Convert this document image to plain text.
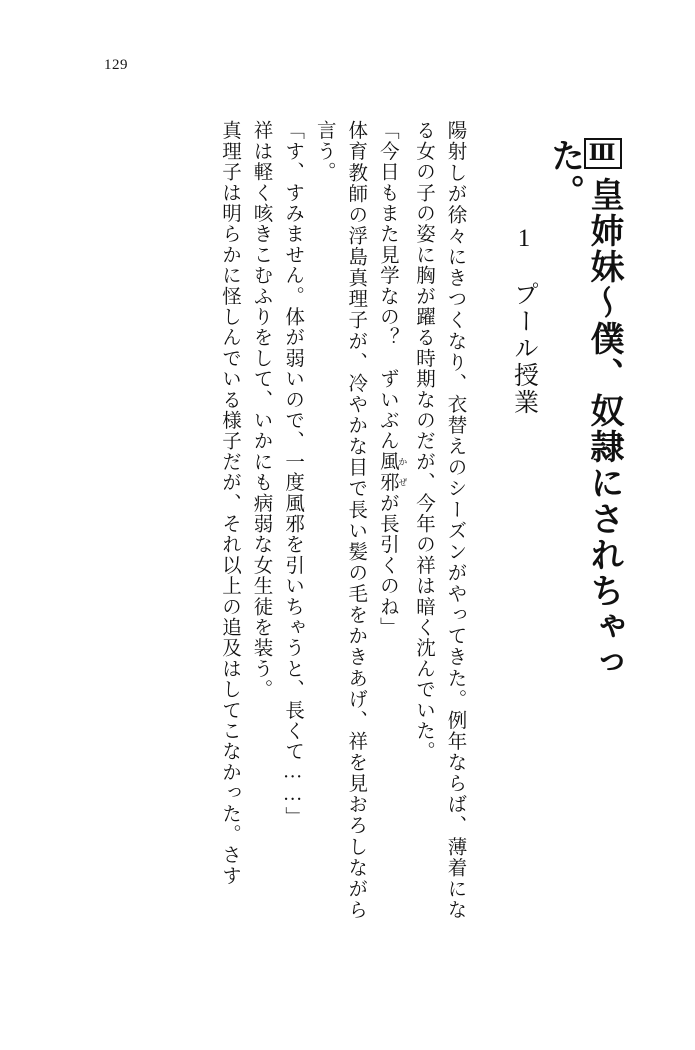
129
Ⅲ皇姉妹〜僕、奴隷にされちゃった。
1　プール授業

陽射しが徐々にきつくなり、衣替えのシーズンがやってきた。例年ならば、薄着になる女の子の姿に胸が躍る時期なのだが、今年の祥は暗く沈んでいた。

「今日もまた見学なの？　ずいぶん風邪 かぜが長引くのね」

体育教師の浮島真理子が、冷やかな目で長い髪の毛をかきあげ、祥を見おろしながら言う。

「す、すみません。体が弱いので、一度風邪を引いちゃうと、長くて……」

祥は軽く咳きこむふりをして、いかにも病弱な女生徒を装う。

真理子は明らかに怪しんでいる様子だが、それ以上の追及はしてこなかった。さす
